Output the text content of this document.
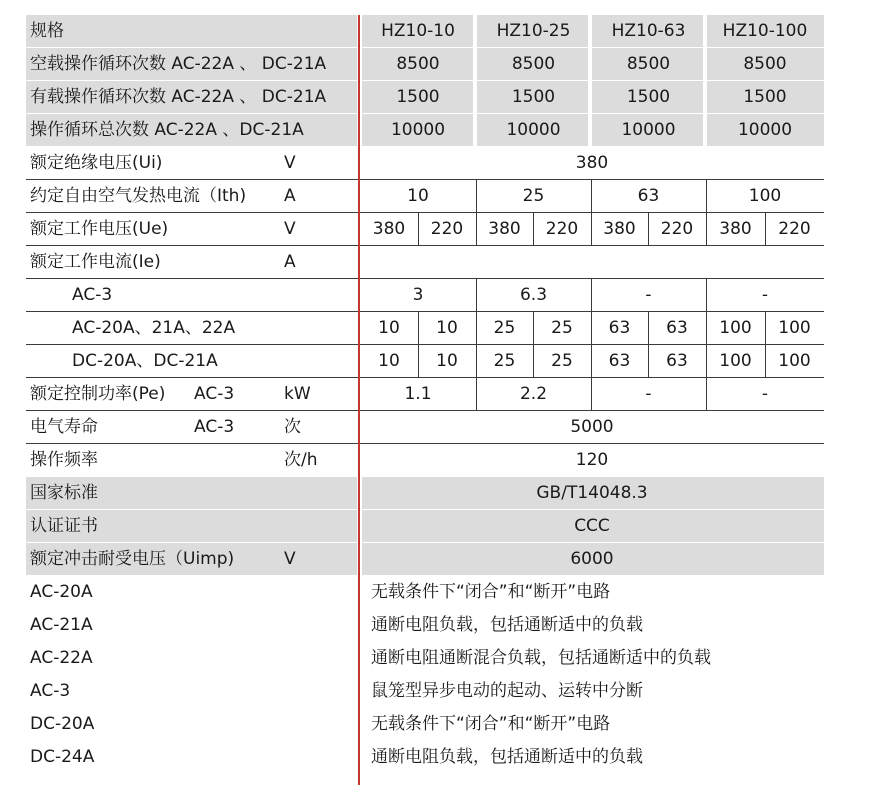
规格	HZ10-10	HZ10-25	HZ10-63	HZ10-100
空载操作循环次数 AC-22A 、 DC-21A	8500	8500	8500	8500
有载操作循环次数 AC-22A 、 DC-21A	1500	1500	1500	1500
操作循环总次数 AC-22A 、DC-21A	10000	10000	10000	10000
额定绝缘电压(Ui)	V	380
约定自由空气发热电流（Ith) A	10	25	63	100
额定工作电压(Ue)	V	380	220	380	220	380	220	380	220
额定工作电流(Ie)	A
AC-3	3	6.3	-	-
AC-20A、21A、22A	10	10	25	25	63	63	100	100
DC-20A、DC-21A	10	10	25	25	63	63	100	100
额定控制功率(Pe) AC-3	kW	1.1	2.2	-	-
电气寿命	AC-3	次	5000
操作频率	次/h	120
国家标准	GB/T14048.3
认证证书	CCC
额定冲击耐受电压（Uimp)	V	6000
AC-20A	无载条件下“闭合”和“断开”电路
AC-21A	通断电阻负载，包括通断适中的负载
AC-22A	通断电阻通断混合负载，包括通断适中的负载
AC-3	鼠笼型异步电动的起动、运转中分断
DC-20A	无载条件下“闭合”和“断开”电路
DC-24A	通断电阻负载，包括通断适中的负载
